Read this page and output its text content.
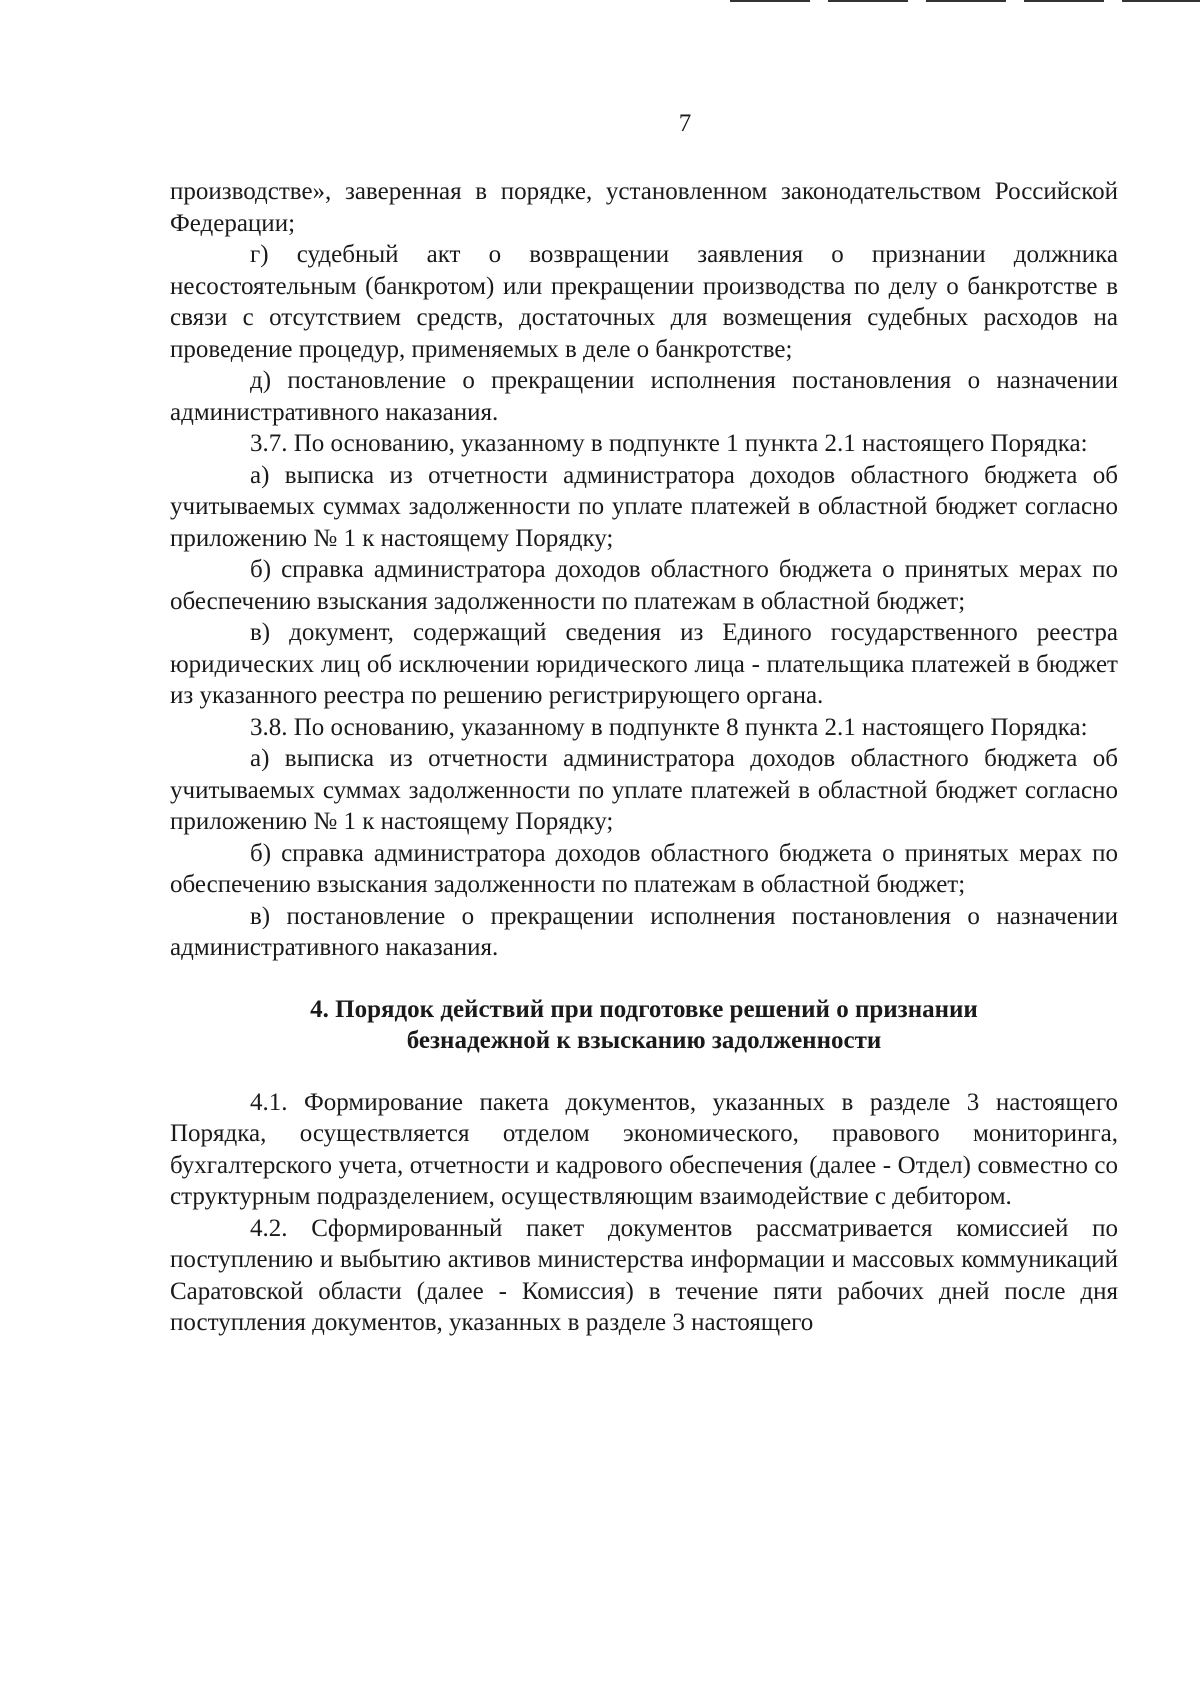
7

производстве», заверенная в порядке, установленном законодательством Российской Федерации;

г) судебный акт о возвращении заявления о признании должника несостоятельным (банкротом) или прекращении производства по делу о банкротстве в связи с отсутствием средств, достаточных для возмещения судебных расходов на проведение процедур, применяемых в деле о банкротстве;

д) постановление о прекращении исполнения постановления о назначении административного наказания.

3.7. По основанию, указанному в подпункте 1 пункта 2.1 настоящего Порядка:

а) выписка из отчетности администратора доходов областного бюджета об учитываемых суммах задолженности по уплате платежей в областной бюджет согласно приложению № 1 к настоящему Порядку;

б) справка администратора доходов областного бюджета о принятых мерах по обеспечению взыскания задолженности по платежам в областной бюджет;

в) документ, содержащий сведения из Единого государственного реестра юридических лиц об исключении юридического лица - плательщика платежей в бюджет из указанного реестра по решению регистрирующего органа.

3.8. По основанию, указанному в подпункте 8 пункта 2.1 настоящего Порядка:

а) выписка из отчетности администратора доходов областного бюджета об учитываемых суммах задолженности по уплате платежей в областной бюджет согласно приложению № 1 к настоящему Порядку;

б) справка администратора доходов областного бюджета о принятых мерах по обеспечению взыскания задолженности по платежам в областной бюджет;

в) постановление о прекращении исполнения постановления о назначении административного наказания.

4. Порядок действий при подготовке решений о признании
безнадежной к взысканию задолженности

4.1. Формирование пакета документов, указанных в разделе 3 настоящего Порядка, осуществляется отделом экономического, правового мониторинга, бухгалтерского учета, отчетности и кадрового обеспечения (далее - Отдел) совместно со структурным подразделением, осуществляющим взаимодействие с дебитором.

4.2. Сформированный пакет документов рассматривается комиссией по поступлению и выбытию активов министерства информации и массовых коммуникаций Саратовской области (далее - Комиссия) в течение пяти рабочих дней после дня поступления документов, указанных в разделе 3 настоящего
